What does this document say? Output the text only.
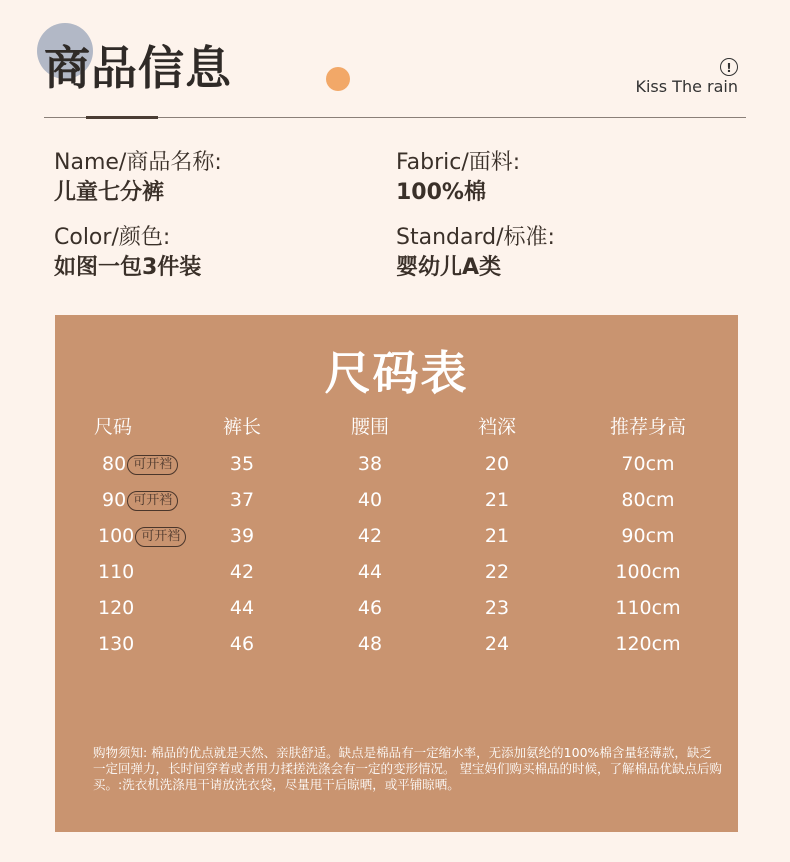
商品信息	!
Kiss The rain
Name/商品名称:
儿童七分裤
Fabric/面料:
100%棉
Color/颜色:
如图一包3件装
Standard/标准:
婴幼儿A类
尺码表
尺码	裤长	腰围	裆深	推荐身高
80 可开裆	35	38	20	70cm
90 可开裆	37	40	21	80cm
100 可开裆	39	42	21	90cm
110	42	44	22	100cm
120	44	46	23	110cm
130	46	48	24	120cm
购物须知: 棉品的优点就是天然、亲肤舒适。缺点是棉品有一定缩水率，无添加氨纶的100%棉含量轻薄款，缺乏一定回弹力，长时间穿着或者用力揉搓洗涤会有一定的变形情况。 望宝妈们购买棉品的时候，了解棉品优缺点后购买。:洗衣机洗涤甩干请放洗衣袋，尽量甩干后晾晒，或平铺晾晒。
